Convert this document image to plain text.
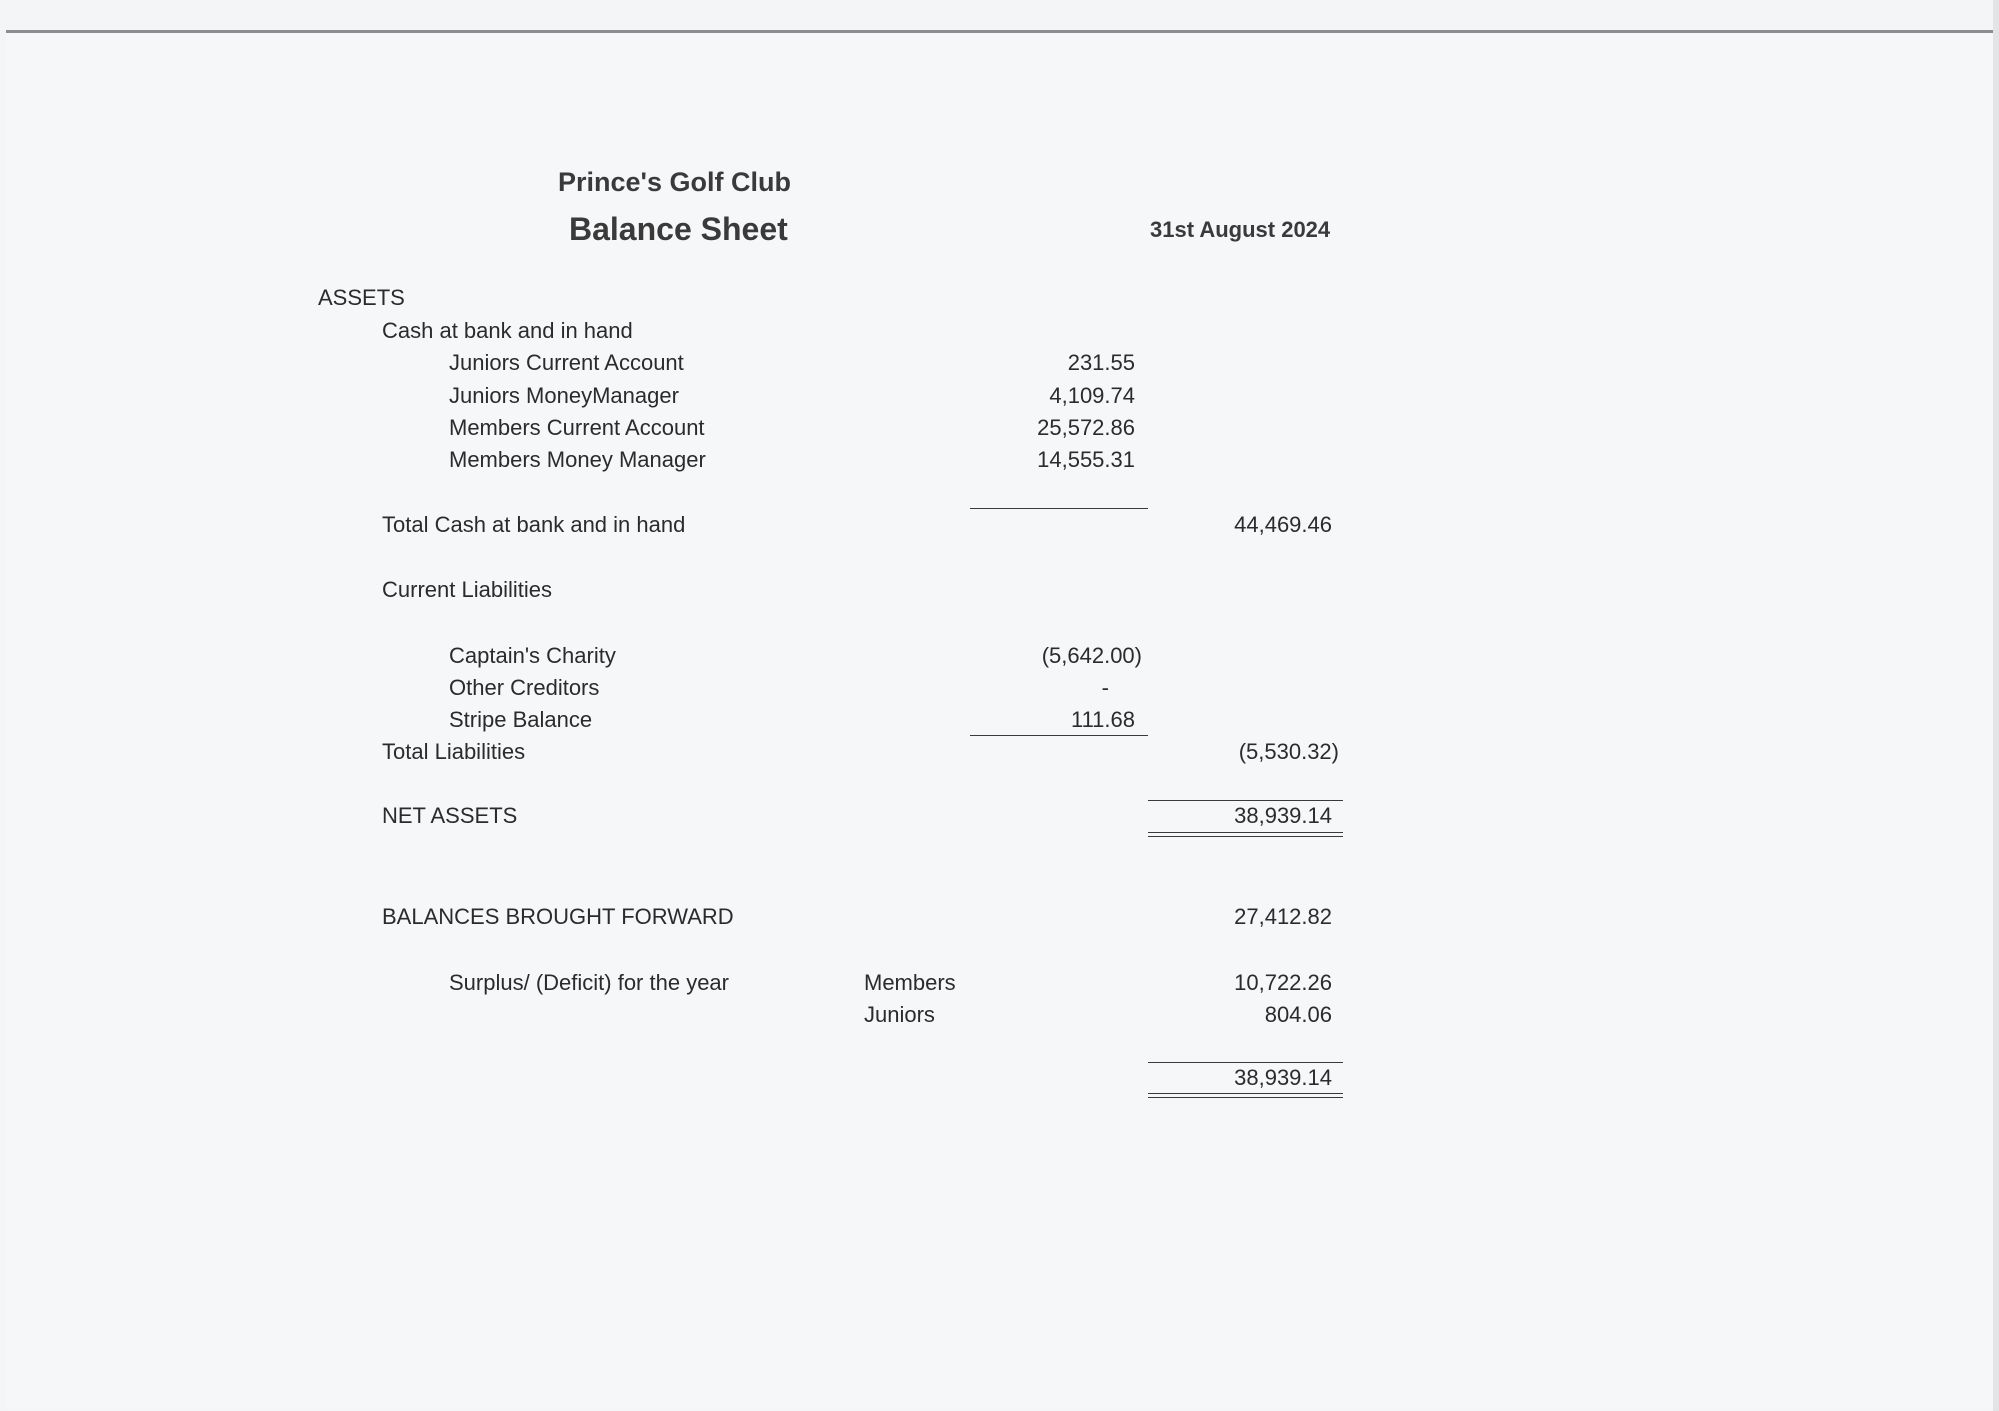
Prince's Golf Club
Balance Sheet	31st August 2024
ASSETS
Cash at bank and in hand
Juniors Current Account	231.55
Juniors MoneyManager	4,109.74
Members Current Account	25,572.86
Members Money Manager	14,555.31
Total Cash at bank and in hand	44,469.46
Current Liabilities
Captain's Charity	(5,642.00)
Other Creditors	-
Stripe Balance	111.68
Total Liabilities	(5,530.32)
NET ASSETS	38,939.14
BALANCES BROUGHT FORWARD	27,412.82
Surplus/ (Deficit) for the year	Members	10,722.26
Juniors	804.06
38,939.14
